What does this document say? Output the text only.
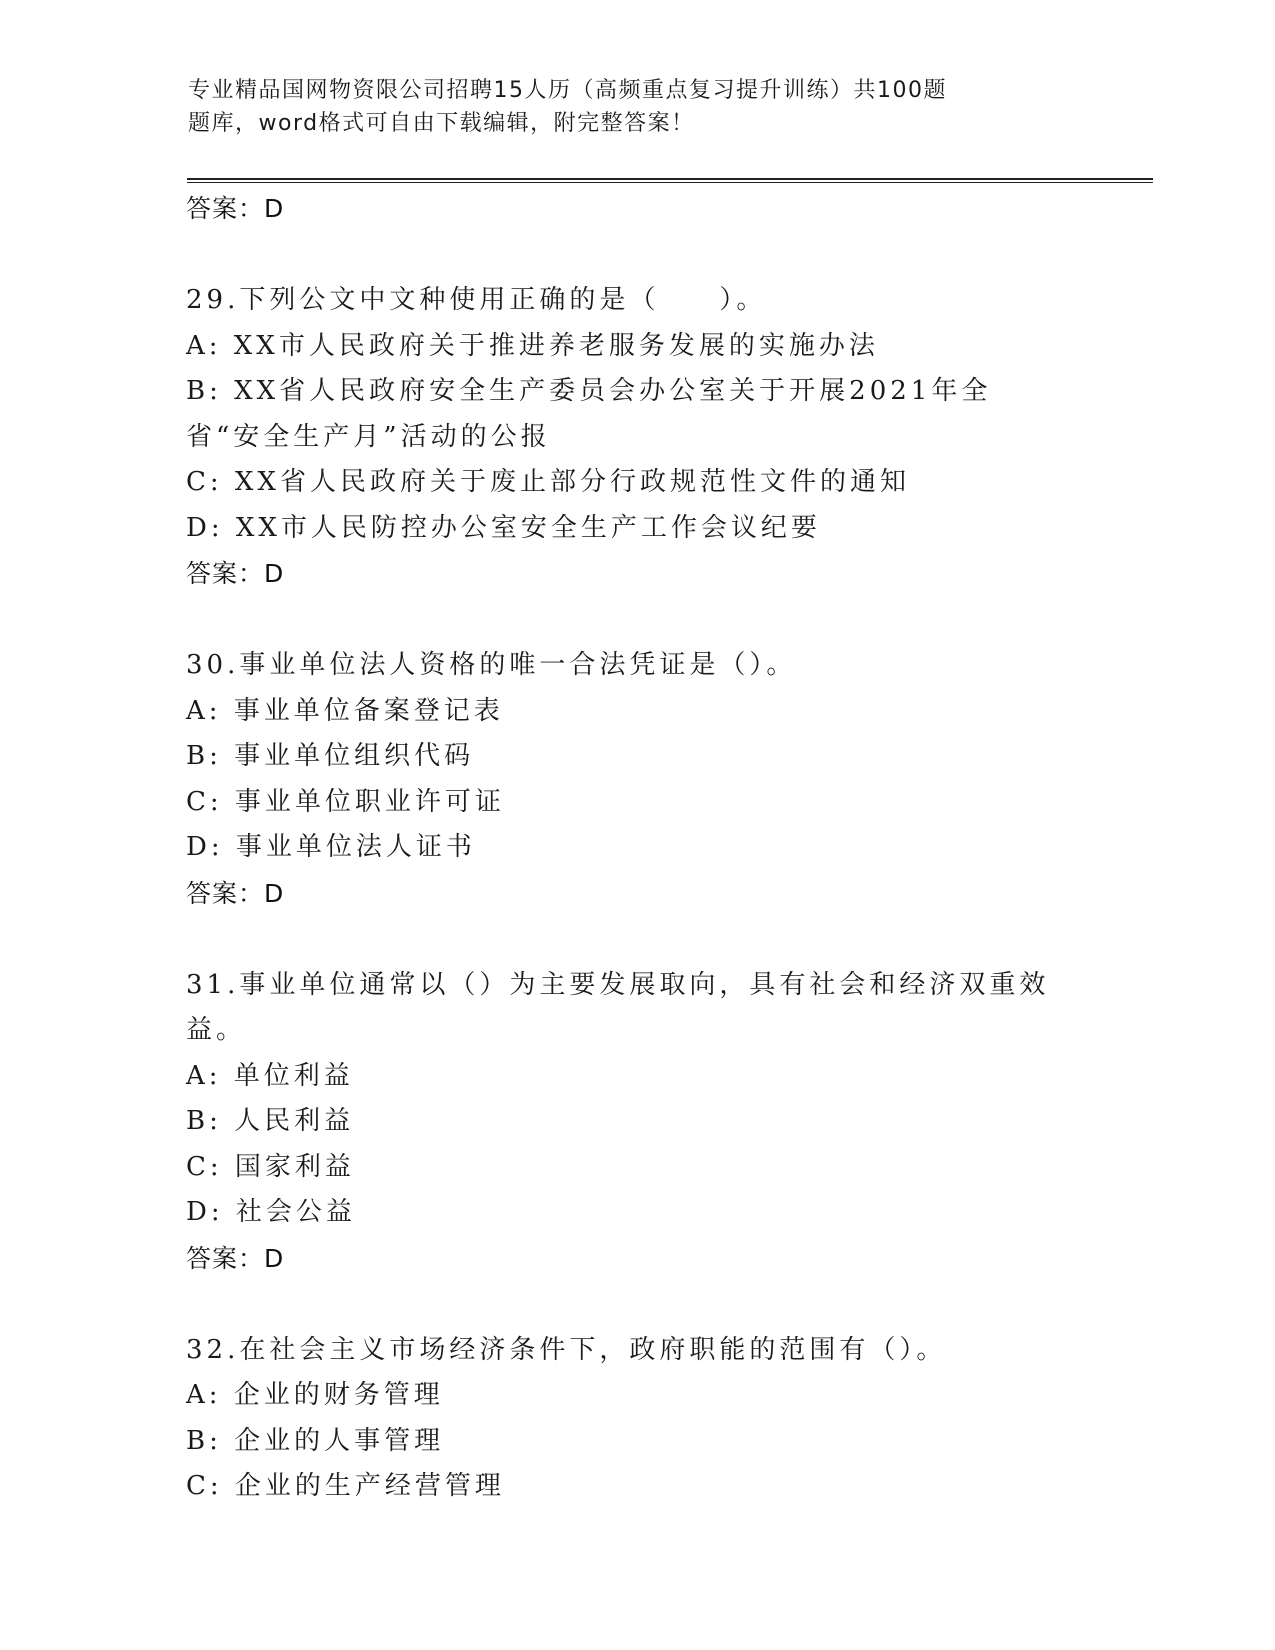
专业精品国网物资限公司招聘15人历（高频重点复习提升训练）共100题
题库，word格式可自由下载编辑，附完整答案！
答案：D
29.下列公文中文种使用正确的是（　　）。
A: XX市人民政府关于推进养老服务发展的实施办法
B: XX省人民政府安全生产委员会办公室关于开展2021年全省“安全生产月”活动的公报
C: XX省人民政府关于废止部分行政规范性文件的通知
D: XX市人民防控办公室安全生产工作会议纪要
答案：D
30.事业单位法人资格的唯一合法凭证是（）。
A: 事业单位备案登记表
B: 事业单位组织代码
C: 事业单位职业许可证
D: 事业单位法人证书
答案：D
31.事业单位通常以（）为主要发展取向，具有社会和经济双重效益。
A: 单位利益
B: 人民利益
C: 国家利益
D: 社会公益
答案：D
32.在社会主义市场经济条件下，政府职能的范围有（）。
A: 企业的财务管理
B: 企业的人事管理
C: 企业的生产经营管理
